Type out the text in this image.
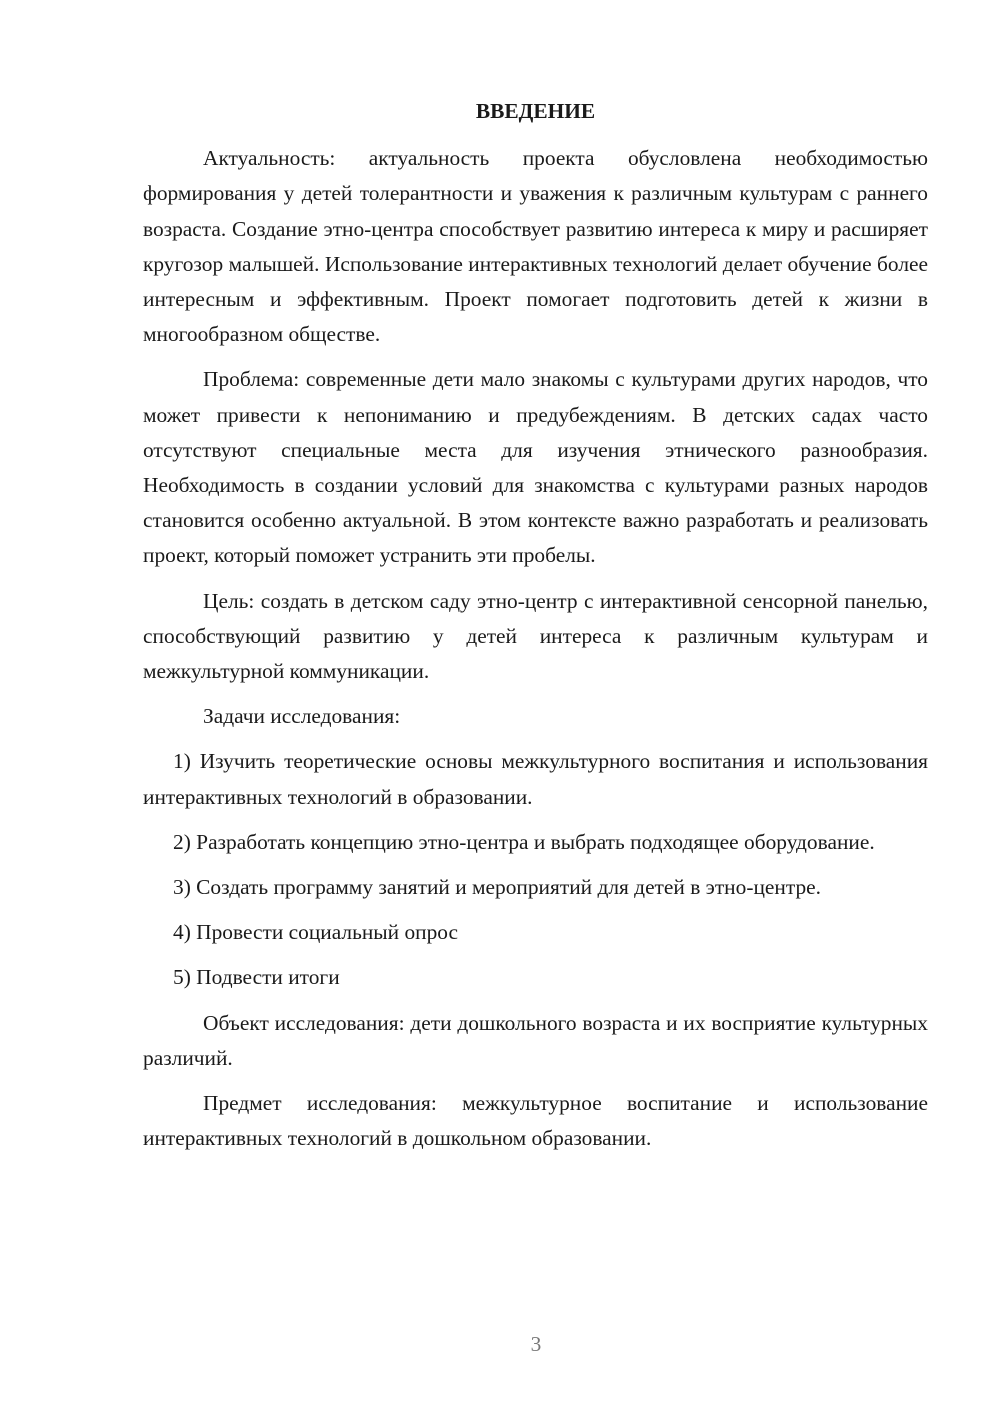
ВВЕДЕНИЕ

Актуальность: актуальность проекта обусловлена необходимостью формирования у детей толерантности и уважения к различным культурам с раннего возраста. Создание этно-центра способствует развитию интереса к миру и расширяет кругозор малышей. Использование интерактивных технологий делает обучение более интересным и эффективным. Проект помогает подготовить детей к жизни в многообразном обществе.

Проблема: современные дети мало знакомы с культурами других народов, что может привести к непониманию и предубеждениям. В детских садах часто отсутствуют специальные места для изучения этнического разнообразия. Необходимость в создании условий для знакомства с культурами разных народов становится особенно актуальной. В этом контексте важно разработать и реализовать проект, который поможет устранить эти пробелы.

Цель: создать в детском саду этно-центр с интерактивной сенсорной панелью, способствующий развитию у детей интереса к различным культурам и межкультурной коммуникации.

Задачи исследования:

1) Изучить теоретические основы межкультурного воспитания и использования интерактивных технологий в образовании.

2) Разработать концепцию этно-центра и выбрать подходящее оборудование.

3) Создать программу занятий и мероприятий для детей в этно-центре.

4) Провести социальный опрос

5) Подвести итоги

Объект исследования: дети дошкольного возраста и их восприятие культурных различий.

Предмет исследования: межкультурное воспитание и использование интерактивных технологий в дошкольном образовании.

3
